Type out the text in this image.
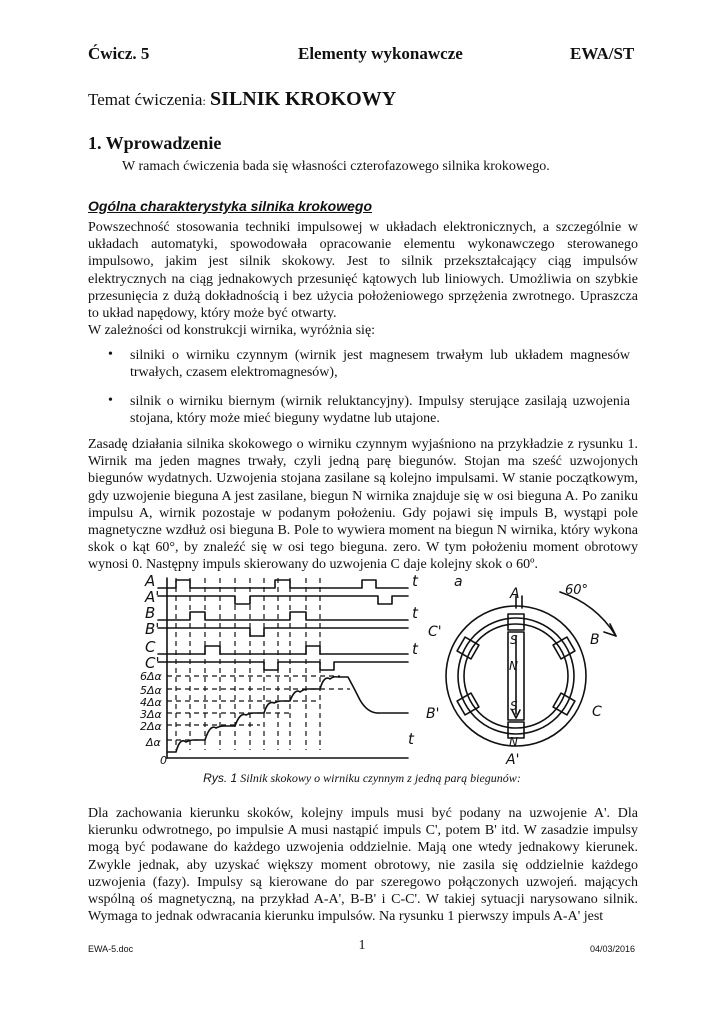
Ćwicz. 5	Elementy wykonawcze	EWA/ST
Temat ćwiczenia: SILNIK KROKOWY
1. Wprowadzenie
W ramach ćwiczenia bada się własności czterofazowego silnika krokowego.
Ogólna charakterystyka silnika krokowego

Powszechność stosowania techniki impulsowej w układach elektronicznych, a szczególnie w układach automatyki, spowodowała opracowanie elementu wykonawczego sterowanego impulsowo, jakim jest silnik skokowy. Jest to silnik przekształcający ciąg impulsów elektrycznych na ciąg jednakowych przesunięć kątowych lub liniowych. Umożliwia on szybkie przesunięcia z dużą dokładnością i bez użycia położeniowego sprzężenia zwrotnego. Upraszcza to układ napędowy, który może być otwarty.

W zależności od konstrukcji wirnika, wyróżnia się:

• silniki o wirniku czynnym (wirnik jest magnesem trwałym lub układem magnesów trwałych, czasem elektromagnesów),

• silnik o wirniku biernym (wirnik reluktancyjny). Impulsy sterujące zasilają uzwojenia stojana, który może mieć bieguny wydatne lub utajone.

Zasadę działania silnika skokowego o wirniku czynnym wyjaśniono na przykładzie z rysunku 1. Wirnik ma jeden magnes trwały, czyli jedną parę biegunów. Stojan ma sześć uzwojonych biegunów wydatnych. Uzwojenia stojana zasilane są kolejno impulsami. W stanie początkowym, gdy uzwojenie bieguna A jest zasilane, biegun N wirnika znajduje się w osi bieguna A. Po zaniku impulsu A, wirnik pozostaje w podanym położeniu. Gdy pojawi się impuls B, wystąpi pole magnetyczne wzdłuż osi bieguna B. Pole to wywiera moment na biegun N wirnika, który wykona skok o kąt 60°, by znaleźć się w osi tego bieguna. zero. W tym położeniu moment obrotowy wynosi 0. Następny impuls skierowany do uzwojenia C daje kolejny skok o 60º.

A
A'
B
B'
C
C'
6Δα
5Δα
4Δα
3Δα
2Δα
Δα
0
t
t
t
t
a
60°
S
N
S
N
A
A'
B
B'	C
C'
Rys. 1 Silnik skokowy o wirniku czynnym z jedną parą biegunów:

Dla zachowania kierunku skoków, kolejny impuls musi być podany na uzwojenie A'. Dla kierunku odwrotnego, po impulsie A musi nastąpić impuls C', potem B' itd. W zasadzie impulsy mogą być podawane do każdego uzwojenia oddzielnie. Mają one wtedy jednakowy kierunek. Zwykle jednak, aby uzyskać większy moment obrotowy, nie zasila się oddzielnie każdego uzwojenia (fazy). Impulsy są kierowane do par szeregowo połączonych uzwojeń. mających wspólną oś magnetyczną, na przykład A-A', B-B' i C-C'. W takiej sytuacji narysowano silnik. Wymaga to jednak odwracania kierunku impulsów. Na rysunku 1 pierwszy impuls A-A' jest

EWA-5.doc	1	04/03/2016
